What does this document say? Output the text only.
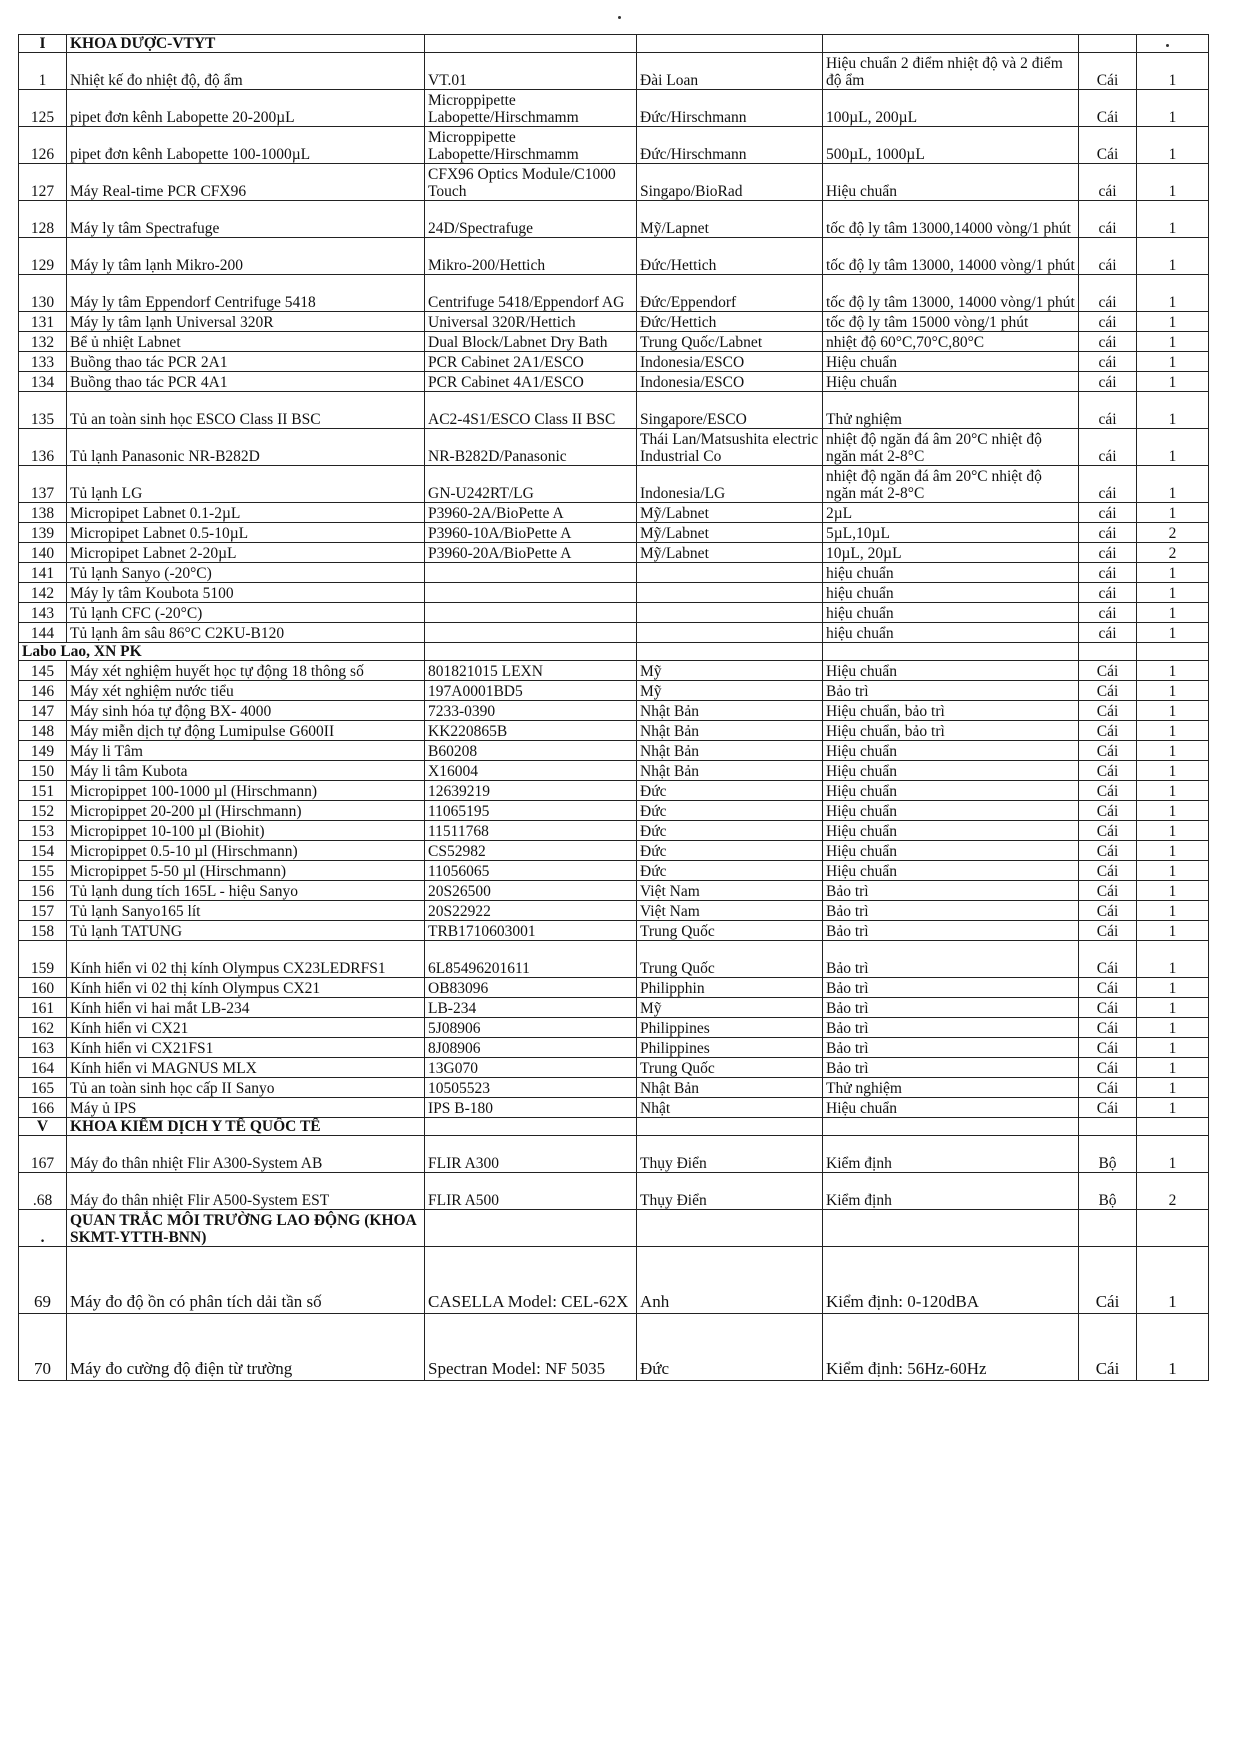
I	KHOA DƯỢC-VTYT					
1	Nhiệt kế đo nhiệt độ, độ ẩm	VT.01	Đài Loan	Hiệu chuẩn 2 điểm nhiệt độ và 2 điểm độ ẩm	Cái	1
125	pipet đơn kênh Labopette 20-200µL	Microppipette Labopette/Hirschmamm	Đức/Hirschmann	100µL, 200µL	Cái	1
126	pipet đơn kênh Labopette 100-1000µL	Microppipette Labopette/Hirschmamm	Đức/Hirschmann	500µL, 1000µL	Cái	1
127	Máy Real-time PCR CFX96	CFX96 Optics Module/C1000 Touch	Singapo/BioRad	Hiệu chuẩn	cái	1
128	Máy ly tâm Spectrafuge	24D/Spectrafuge	Mỹ/Lapnet	tốc độ ly tâm 13000,14000 vòng/1 phút	cái	1
129	Máy ly tâm lạnh Mikro-200	Mikro-200/Hettich	Đức/Hettich	tốc độ ly tâm 13000, 14000 vòng/1 phút	cái	1
130	Máy ly tâm Eppendorf Centrifuge 5418	Centrifuge 5418/Eppendorf AG	Đức/Eppendorf	tốc độ ly tâm 13000, 14000 vòng/1 phút	cái	1
131	Máy ly tâm lạnh Universal 320R	Universal 320R/Hettich	Đức/Hettich	tốc độ ly tâm 15000 vòng/1 phút	cái	1
132	Bể ủ nhiệt Labnet	Dual Block/Labnet Dry Bath	Trung Quốc/Labnet	nhiệt độ 60°C,70°C,80°C	cái	1
133	Buồng thao tác PCR 2A1	PCR Cabinet 2A1/ESCO	Indonesia/ESCO	Hiệu chuẩn	cái	1
134	Buồng thao tác PCR 4A1	PCR Cabinet 4A1/ESCO	Indonesia/ESCO	Hiệu chuẩn	cái	1
135	Tủ an toàn sinh học ESCO Class II BSC	AC2-4S1/ESCO Class II BSC	Singapore/ESCO	Thử nghiệm	cái	1
136	Tủ lạnh Panasonic NR-B282D	NR-B282D/Panasonic	Thái Lan/Matsushita electric Industrial Co	nhiệt độ ngăn đá âm 20°C nhiệt độ ngăn mát 2-8°C	cái	1
137	Tủ lạnh LG	GN-U242RT/LG	Indonesia/LG	nhiệt độ ngăn đá âm 20°C nhiệt độ ngăn mát 2-8°C	cái	1
138	Micropipet Labnet 0.1-2µL	P3960-2A/BioPette A	Mỹ/Labnet	2µL	cái	1
139	Micropipet Labnet 0.5-10µL	P3960-10A/BioPette A	Mỹ/Labnet	5µL,10µL	cái	2
140	Micropipet Labnet 2-20µL	P3960-20A/BioPette A	Mỹ/Labnet	10µL, 20µL	cái	2
141	Tủ lạnh Sanyo (-20°C)			hiệu chuẩn	cái	1
142	Máy ly tâm Koubota 5100			hiệu chuẩn	cái	1
143	Tủ lạnh CFC (-20°C)			hiệu chuẩn	cái	1
144	Tủ lạnh âm sâu 86°C C2KU-B120			hiệu chuẩn	cái	1
Labo Lao, XN PK						
145	Máy xét nghiệm huyết học tự động 18 thông số	801821015 LEXN	Mỹ	Hiệu chuẩn	Cái	1
146	Máy xét nghiệm nước tiểu	197A0001BD5	Mỹ	Bảo trì	Cái	1
147	Máy sinh hóa tự động BX- 4000	7233-0390	Nhật Bản	Hiệu chuẩn, bảo trì	Cái	1
148	Máy miễn dịch tự động Lumipulse G600II	KK220865B	Nhật Bản	Hiệu chuẩn, bảo trì	Cái	1
149	Máy li Tâm	B60208	Nhật Bản	Hiệu chuẩn	Cái	1
150	Máy li tâm Kubota	X16004	Nhật Bản	Hiệu chuẩn	Cái	1
151	Micropippet 100-1000 µl (Hirschmann)	12639219	Đức	Hiệu chuẩn	Cái	1
152	Micropippet 20-200 µl (Hirschmann)	11065195	Đức	Hiệu chuẩn	Cái	1
153	Micropippet 10-100 µl (Biohit)	11511768	Đức	Hiệu chuẩn	Cái	1
154	Micropippet 0.5-10 µl (Hirschmann)	CS52982	Đức	Hiệu chuẩn	Cái	1
155	Micropippet 5-50 µl (Hirschmann)	11056065	Đức	Hiệu chuẩn	Cái	1
156	Tủ lạnh dung tích 165L - hiệu Sanyo	20S26500	Việt Nam	Bảo trì	Cái	1
157	Tủ lạnh Sanyo165 lít	20S22922	Việt Nam	Bảo trì	Cái	1
158	Tủ lạnh TATUNG	TRB1710603001	Trung Quốc	Bảo trì	Cái	1
159	Kính hiển vi 02 thị kính Olympus CX23LEDRFS1	6L85496201611	Trung Quốc	Bảo trì	Cái	1
160	Kính hiển vi 02 thị kính Olympus CX21	OB83096	Philipphin	Bảo trì	Cái	1
161	Kính hiển vi hai mắt LB-234	LB-234	Mỹ	Bảo trì	Cái	1
162	Kính hiển vi CX21	5J08906	Philippines	Bảo trì	Cái	1
163	Kính hiển vi CX21FS1	8J08906	Philippines	Bảo trì	Cái	1
164	Kính hiển vi MAGNUS MLX	13G070	Trung Quốc	Bảo trì	Cái	1
165	Tủ an toàn sinh học cấp II Sanyo	10505523	Nhật Bản	Thử nghiệm	Cái	1
166	Máy ủ IPS	IPS B-180	Nhật	Hiệu chuẩn	Cái	1
V	KHOA KIỂM DỊCH Y TẾ QUỐC TẾ					
167	Máy đo thân nhiệt Flir A300-System AB	FLIR A300	Thụy Điển	Kiểm định	Bộ	1
.68	Máy đo thân nhiệt Flir A500-System EST	FLIR A500	Thụy Điển	Kiểm định	Bộ	2
.	QUAN TRẮC MÔI TRƯỜNG LAO ĐỘNG (KHOA SKMT-YTTH-BNN)					
69	Máy đo độ ồn có phân tích dải tần số	CASELLA Model: CEL-62X	Anh	Kiểm định: 0-120dBA	Cái	1
70	Máy đo cường độ điện từ trường	Spectran Model: NF 5035	Đức	Kiểm định: 56Hz-60Hz	Cái	1
